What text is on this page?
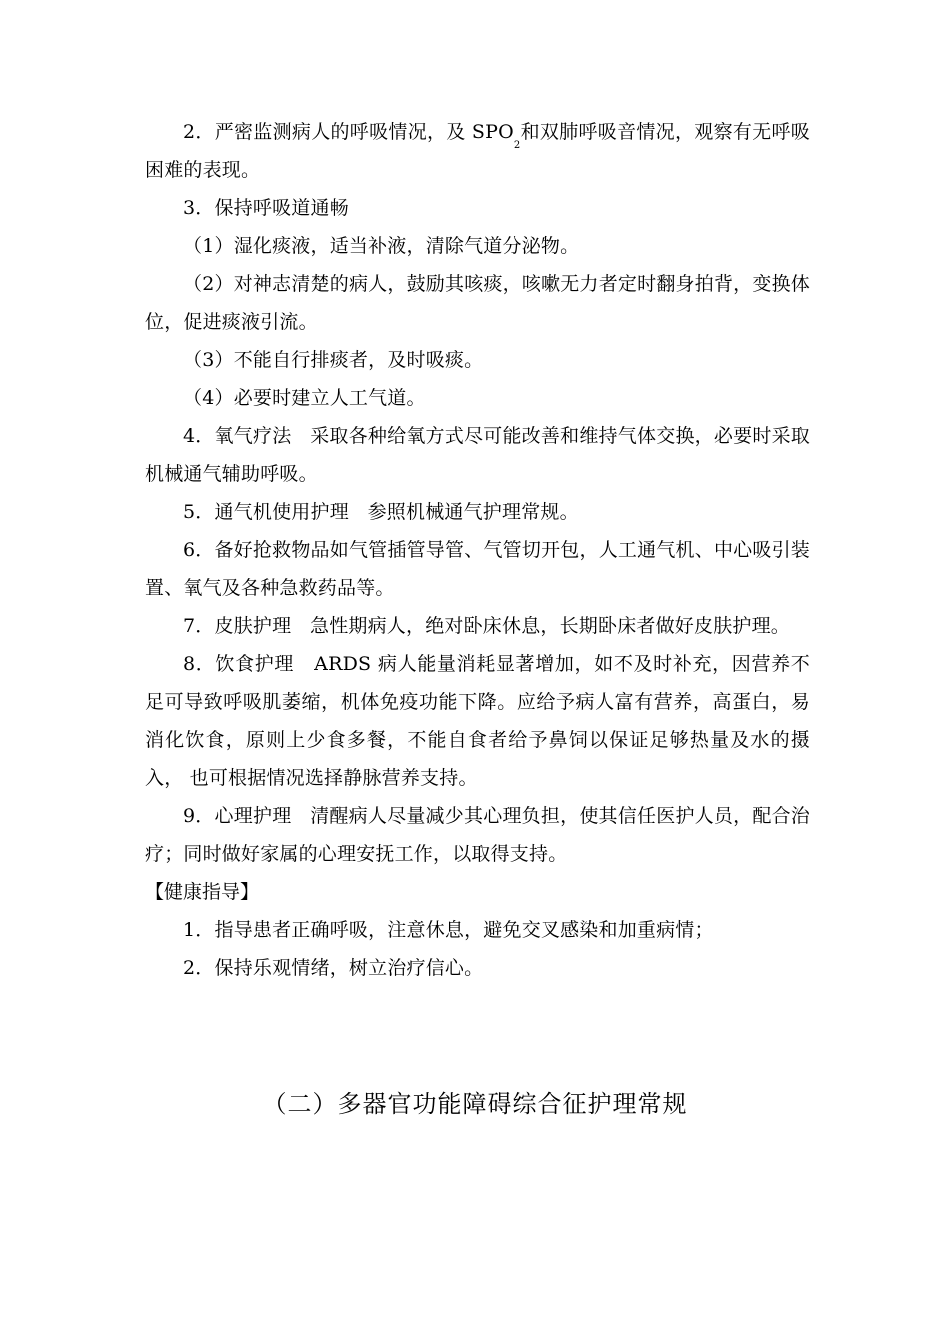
2．严密监测病人的呼吸情况，及 $SPO_2$和双肺呼吸音情况，观察有无呼吸困难的表现。

3．保持呼吸道通畅

（1）湿化痰液，适当补液，清除气道分泌物。

（2）对神志清楚的病人，鼓励其咳痰，咳嗽无力者定时翻身拍背，变换体位，促进痰液引流。

（3）不能自行排痰者，及时吸痰。

（4）必要时建立人工气道。

4．氧气疗法   采取各种给氧方式尽可能改善和维持气体交换，必要时采取机械通气辅助呼吸。

5．通气机使用护理   参照机械通气护理常规。

6．备好抢救物品如气管插管导管、气管切开包，人工通气机、中心吸引装置、氧气及各种急救药品等。

7．皮肤护理   急性期病人，绝对卧床休息，长期卧床者做好皮肤护理。

8．饮食护理   ARDS 病人能量消耗显著增加，如不及时补充，因营养不足可导致呼吸肌萎缩，机体免疫功能下降。应给予病人富有营养，高蛋白，易消化饮食，原则上少食多餐，不能自食者给予鼻饲以保证足够热量及水的摄入， 也可根据情况选择静脉营养支持。

9．心理护理   清醒病人尽量减少其心理负担，使其信任医护人员，配合治疗；同时做好家属的心理安抚工作，以取得支持。

【健康指导】

1．指导患者正确呼吸，注意休息，避免交叉感染和加重病情；

2．保持乐观情绪，树立治疗信心。

（二）多器官功能障碍综合征护理常规
